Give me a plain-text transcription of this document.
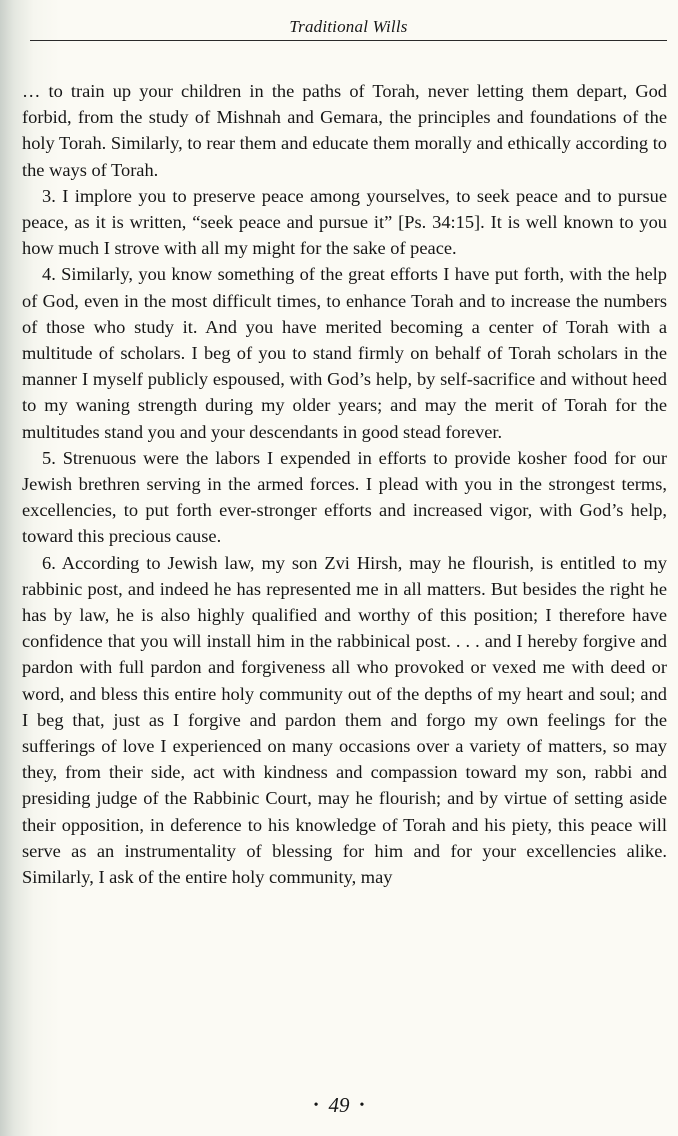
Traditional Wills

… to train up your children in the paths of Torah, never letting them depart, God forbid, from the study of Mishnah and Gemara, the principles and foundations of the holy Torah. Similarly, to rear them and educate them morally and ethically according to the ways of Torah.

3. I implore you to preserve peace among yourselves, to seek peace and to pursue peace, as it is written, “seek peace and pursue it” [Ps. 34:15]. It is well known to you how much I strove with all my might for the sake of peace.

4. Similarly, you know something of the great efforts I have put forth, with the help of God, even in the most difficult times, to enhance Torah and to increase the numbers of those who study it. And you have merited becoming a center of Torah with a multitude of scholars. I beg of you to stand firmly on behalf of Torah scholars in the manner I myself publicly espoused, with God’s help, by self-sacrifice and without heed to my waning strength during my older years; and may the merit of Torah for the multitudes stand you and your descendants in good stead forever.

5. Strenuous were the labors I expended in efforts to provide kosher food for our Jewish brethren serving in the armed forces. I plead with you in the strongest terms, excellencies, to put forth ever-stronger efforts and increased vigor, with God’s help, toward this precious cause.

6. According to Jewish law, my son Zvi Hirsh, may he flourish, is entitled to my rabbinic post, and indeed he has represented me in all matters. But besides the right he has by law, he is also highly qualified and worthy of this position; I therefore have confidence that you will install him in the rabbinical post. . . . and I hereby forgive and pardon with full pardon and forgiveness all who provoked or vexed me with deed or word, and bless this entire holy community out of the depths of my heart and soul; and I beg that, just as I forgive and pardon them and forgo my own feelings for the sufferings of love I experienced on many occasions over a variety of matters, so may they, from their side, act with kindness and compassion toward my son, rabbi and presiding judge of the Rabbinic Court, may he flourish; and by virtue of setting aside their opposition, in deference to his knowledge of Torah and his piety, this peace will serve as an instrumentality of blessing for him and for your excellencies alike. Similarly, I ask of the entire holy community, may

• 49 •
